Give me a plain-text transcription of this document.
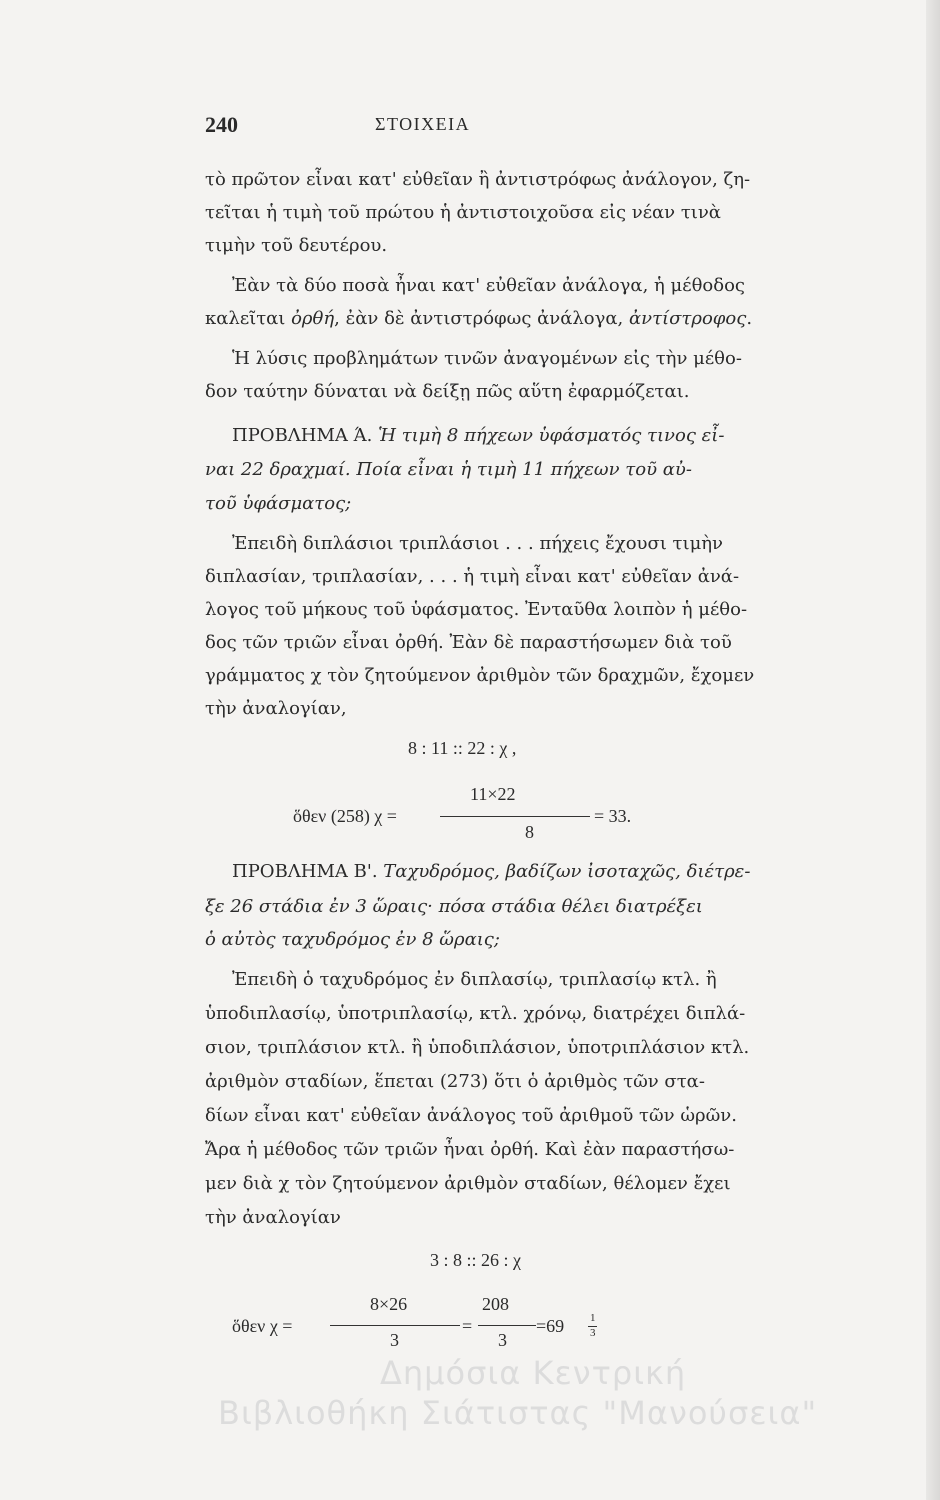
240	ΣΤΟΙΧΕΙΑ
τὸ πρῶτον εἶναι κατ' εὐθεῖαν ἢ ἀντιστρόφως ἀνάλογον, ζη-
τεῖται ἡ τιμὴ τοῦ πρώτου ἡ ἀντιστοιχοῦσα εἰς νέαν τινὰ
τιμὴν τοῦ δευτέρου.
Ἐὰν τὰ δύο ποσὰ ἦναι κατ' εὐθεῖαν ἀνάλογα, ἡ μέθοδος
καλεῖται ὀρθή, ἐὰν δὲ ἀντιστρόφως ἀνάλογα, ἀντίστροφος.
Ἡ λύσις προβλημάτων τινῶν ἀναγομένων εἰς τὴν μέθο-
δον ταύτην δύναται νὰ δείξῃ πῶς αὕτη ἐφαρμόζεται.
ΠΡΟΒΛΗΜΑ Ά. Ἡ τιμὴ 8 πήχεων ὑφάσματός τινος εἶ-
ναι 22 δραχμαί. Ποία εἶναι ἡ τιμὴ 11 πήχεων τοῦ αὐ-
τοῦ ὑφάσματος;
Ἐπειδὴ διπλάσιοι τριπλάσιοι . . . πήχεις ἔχουσι τιμὴν
διπλασίαν, τριπλασίαν, . . . ἡ τιμὴ εἶναι κατ' εὐθεῖαν ἀνά-
λογος τοῦ μήκους τοῦ ὑφάσματος. Ἐνταῦθα λοιπὸν ἡ μέθο-
δος τῶν τριῶν εἶναι ὀρθή. Ἐὰν δὲ παραστήσωμεν διὰ τοῦ
γράμματος χ τὸν ζητούμενον ἀριθμὸν τῶν δραχμῶν, ἔχομεν
τὴν ἀναλογίαν,
8 : 11 :: 22 : χ ,
ὅθεν (258) χ =
11×22
8
= 33.
ΠΡΟΒΛΗΜΑ Β'. Ταχυδρόμος, βαδίζων ἰσοταχῶς, διέτρε-
ξε 26 στάδια ἐν 3 ὥραις· πόσα στάδια θέλει διατρέξει
ὁ αὐτὸς ταχυδρόμος ἐν 8 ὥραις;
Ἐπειδὴ ὁ ταχυδρόμος ἐν διπλασίῳ, τριπλασίῳ κτλ. ἢ
ὑποδιπλασίῳ, ὑποτριπλασίῳ, κτλ. χρόνῳ, διατρέχει διπλά-
σιον, τριπλάσιον κτλ. ἢ ὑποδιπλάσιον, ὑποτριπλάσιον κτλ.
ἀριθμὸν σταδίων, ἕπεται (273) ὅτι ὁ ἀριθμὸς τῶν στα-
δίων εἶναι κατ' εὐθεῖαν ἀνάλογος τοῦ ἀριθμοῦ τῶν ὡρῶν.
Ἄρα ἡ μέθοδος τῶν τριῶν ἦναι ὀρθή. Καὶ ἐὰν παραστήσω-
μεν διὰ χ τὸν ζητούμενον ἀριθμὸν σταδίων, θέλομεν ἔχει
τὴν ἀναλογίαν
3 : 8 :: 26 : χ
ὅθεν χ =
8×26
3
=
208
3
=69 1
3
Δημόσια Κεντρική
Βιβλιοθήκη Σιάτιστας "Μανούσεια"
